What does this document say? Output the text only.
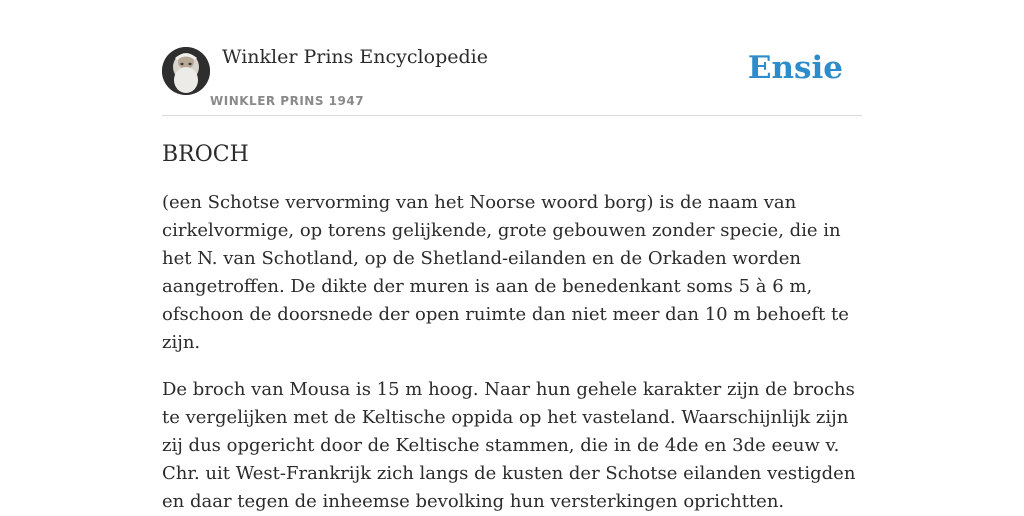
Winkler Prins Encyclopedie
WINKLER PRINS 1947
Ensie
BROCH

(een Schotse vervorming van het Noorse woord borg) is de naam van cirkelvormige, op torens gelijkende, grote gebouwen zonder specie, die in het N. van Schotland, op de Shetland-eilanden en de Orkaden worden aangetroffen. De dikte der muren is aan de benedenkant soms 5 à 6 m, ofschoon de doorsnede der open ruimte dan niet meer dan 10 m behoeft te zijn.

De broch van Mousa is 15 m hoog. Naar hun gehele karakter zijn de brochs te vergelijken met de Keltische oppida op het vasteland. Waarschijnlijk zijn zij dus opgericht door de Keltische stammen, die in de 4de en 3de eeuw v. Chr. uit West-Frankrijk zich langs de kusten der Schotse eilanden vestigden en daar tegen de inheemse bevolking hun versterkingen oprichtten.
